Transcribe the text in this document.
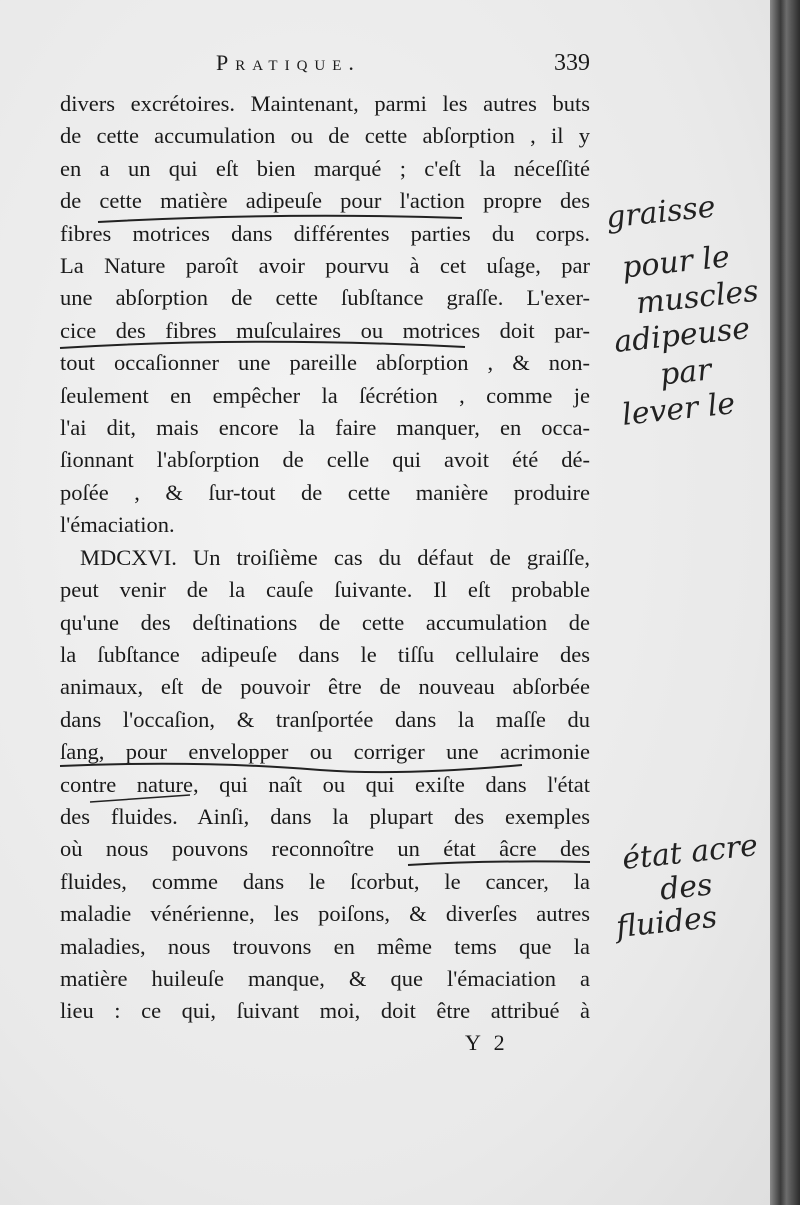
Pratique.	339
divers excrétoires. Maintenant, parmi les autres buts
de cette accumulation ou de cette abſorption , il y
en a un qui eſt bien marqué ; c'eſt la néceſſité
de cette matière adipeuſe pour l'action propre des
fibres motrices dans différentes parties du corps.
La Nature paroît avoir pourvu à cet uſage, par
une abſorption de cette ſubſtance graſſe. L'exer-
cice des fibres muſculaires ou motrices doit par-
tout occaſionner une pareille abſorption , & non-
ſeulement en empêcher la ſécrétion , comme je
l'ai dit, mais encore la faire manquer, en occa-
ſionnant l'abſorption de celle qui avoit été dé-
poſée , & ſur-tout de cette manière produire
l'émaciation.
MDCXVI. Un troiſième cas du défaut de graiſſe,
peut venir de la cauſe ſuivante. Il eſt probable
qu'une des deſtinations de cette accumulation de
la ſubſtance adipeuſe dans le tiſſu cellulaire des
animaux, eſt de pouvoir être de nouveau abſorbée
dans l'occaſion, & tranſportée dans la maſſe du
ſang, pour envelopper ou corriger une acrimonie
contre nature, qui naît ou qui exiſte dans l'état
des fluides. Ainſi, dans la plupart des exemples
où nous pouvons reconnoître un état âcre des
fluides, comme dans le ſcorbut, le cancer, la
maladie vénérienne, les poiſons, & diverſes autres
maladies, nous trouvons en même tems que la
matière huileuſe manque, & que l'émaciation a
lieu : ce qui, ſuivant moi, doit être attribué à
Y 2
graisse
pour le
muscles
adipeuse
par
lever le
état acre
des
fluides
